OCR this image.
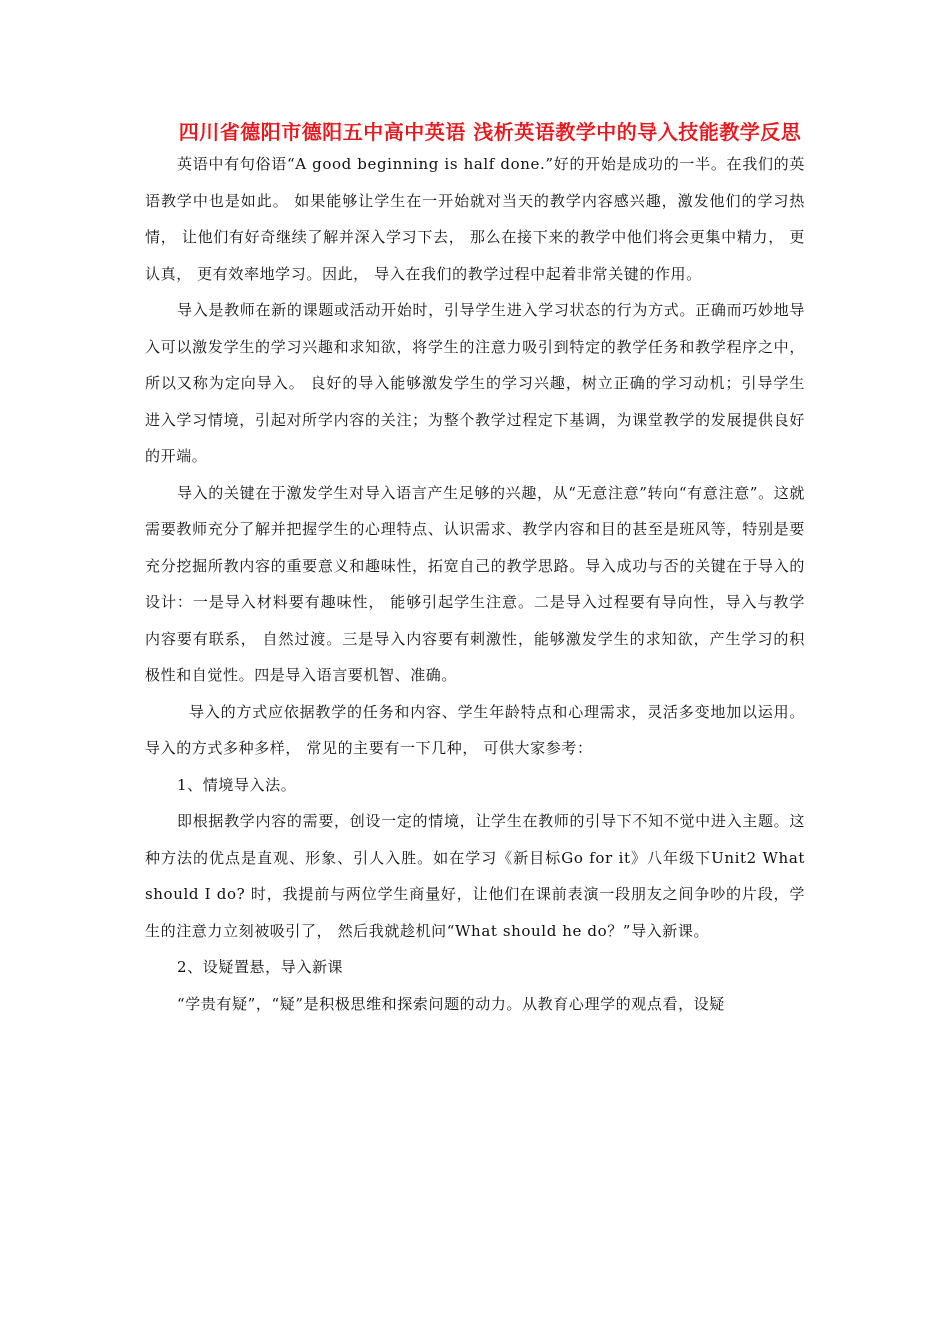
四川省德阳市德阳五中高中英语 浅析英语教学中的导入技能教学反思

英语中有句俗语“A good beginning is half done.”好的开始是成功的一半。在我们的英语教学中也是如此。 如果能够让学生在一开始就对当天的教学内容感兴趣，激发他们的学习热情， 让他们有好奇继续了解并深入学习下去， 那么在接下来的教学中他们将会更集中精力， 更认真， 更有效率地学习。因此， 导入在我们的教学过程中起着非常关键的作用。

导入是教师在新的课题或活动开始时，引导学生进入学习状态的行为方式。正确而巧妙地导入可以激发学生的学习兴趣和求知欲，将学生的注意力吸引到特定的教学任务和教学程序之中，所以又称为定向导入。 良好的导入能够激发学生的学习兴趣，树立正确的学习动机；引导学生进入学习情境，引起对所学内容的关注；为整个教学过程定下基调，为课堂教学的发展提供良好的开端。

导入的关键在于激发学生对导入语言产生足够的兴趣，从“无意注意”转向“有意注意”。这就需要教师充分了解并把握学生的心理特点、认识需求、教学内容和目的甚至是班风等，特别是要充分挖掘所教内容的重要意义和趣味性，拓宽自己的教学思路。导入成功与否的关键在于导入的设计：一是导入材料要有趣味性， 能够引起学生注意。二是导入过程要有导向性，导入与教学内容要有联系， 自然过渡。三是导入内容要有刺激性，能够激发学生的求知欲，产生学习的积极性和自觉性。四是导入语言要机智、准确。

导入的方式应依据教学的任务和内容、学生年龄特点和心理需求，灵活多变地加以运用。导入的方式多种多样， 常见的主要有一下几种， 可供大家参考：

1、情境导入法。

即根据教学内容的需要，创设一定的情境，让学生在教师的引导下不知不觉中进入主题。这种方法的优点是直观、形象、引人入胜。如在学习《新目标Go for it》八年级下Unit2 What should I do? 时，我提前与两位学生商量好，让他们在课前表演一段朋友之间争吵的片段，学生的注意力立刻被吸引了， 然后我就趁机问“What should he do？”导入新课。

2、设疑置悬，导入新课

“学贵有疑”，“疑”是积极思维和探索问题的动力。从教育心理学的观点看，设疑
